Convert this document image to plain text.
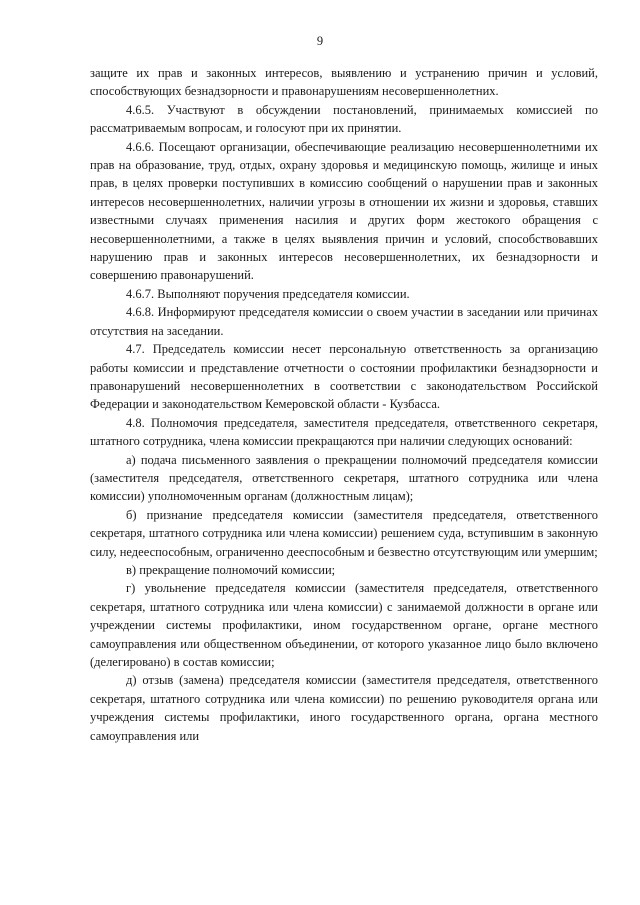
9

защите их прав и законных интересов, выявлению и устранению причин и условий, способствующих безнадзорности и правонарушениям несовершеннолетних.

4.6.5. Участвуют в обсуждении постановлений, принимаемых комиссией по рассматриваемым вопросам, и голосуют при их принятии.

4.6.6. Посещают организации, обеспечивающие реализацию несовершеннолетними их прав на образование, труд, отдых, охрану здоровья и медицинскую помощь, жилище и иных прав, в целях проверки поступивших в комиссию сообщений о нарушении прав и законных интересов несовершеннолетних, наличии угрозы в отношении их жизни и здоровья, ставших известными случаях применения насилия и других форм жестокого обращения с несовершеннолетними, а также в целях выявления причин и условий, способствовавших нарушению прав и законных интересов несовершеннолетних, их безнадзорности и совершению правонарушений.

4.6.7. Выполняют поручения председателя комиссии.

4.6.8. Информируют председателя комиссии о своем участии в заседании или причинах отсутствия на заседании.

4.7. Председатель комиссии несет персональную ответственность за организацию работы комиссии и представление отчетности о состоянии профилактики безнадзорности и правонарушений несовершеннолетних в соответствии с законодательством Российской Федерации и законодательством Кемеровской области - Кузбасса.

4.8. Полномочия председателя, заместителя председателя, ответственного секретаря, штатного сотрудника, члена комиссии прекращаются при наличии следующих оснований:

а) подача письменного заявления о прекращении полномочий председателя комиссии (заместителя председателя, ответственного секретаря, штатного сотрудника или члена комиссии) уполномоченным органам (должностным лицам);

б) признание председателя комиссии (заместителя председателя, ответственного секретаря, штатного сотрудника или члена комиссии) решением суда, вступившим в законную силу, недееспособным, ограниченно дееспособным и безвестно отсутствующим или умершим;

в) прекращение полномочий комиссии;

г) увольнение председателя комиссии (заместителя председателя, ответственного секретаря, штатного сотрудника или члена комиссии) с занимаемой должности в органе или учреждении системы профилактики, ином государственном органе, органе местного самоуправления или общественном объединении, от которого указанное лицо было включено (делегировано) в состав комиссии;

д) отзыв (замена) председателя комиссии (заместителя председателя, ответственного секретаря, штатного сотрудника или члена комиссии) по решению руководителя органа или учреждения системы профилактики, иного государственного органа, органа местного самоуправления или
